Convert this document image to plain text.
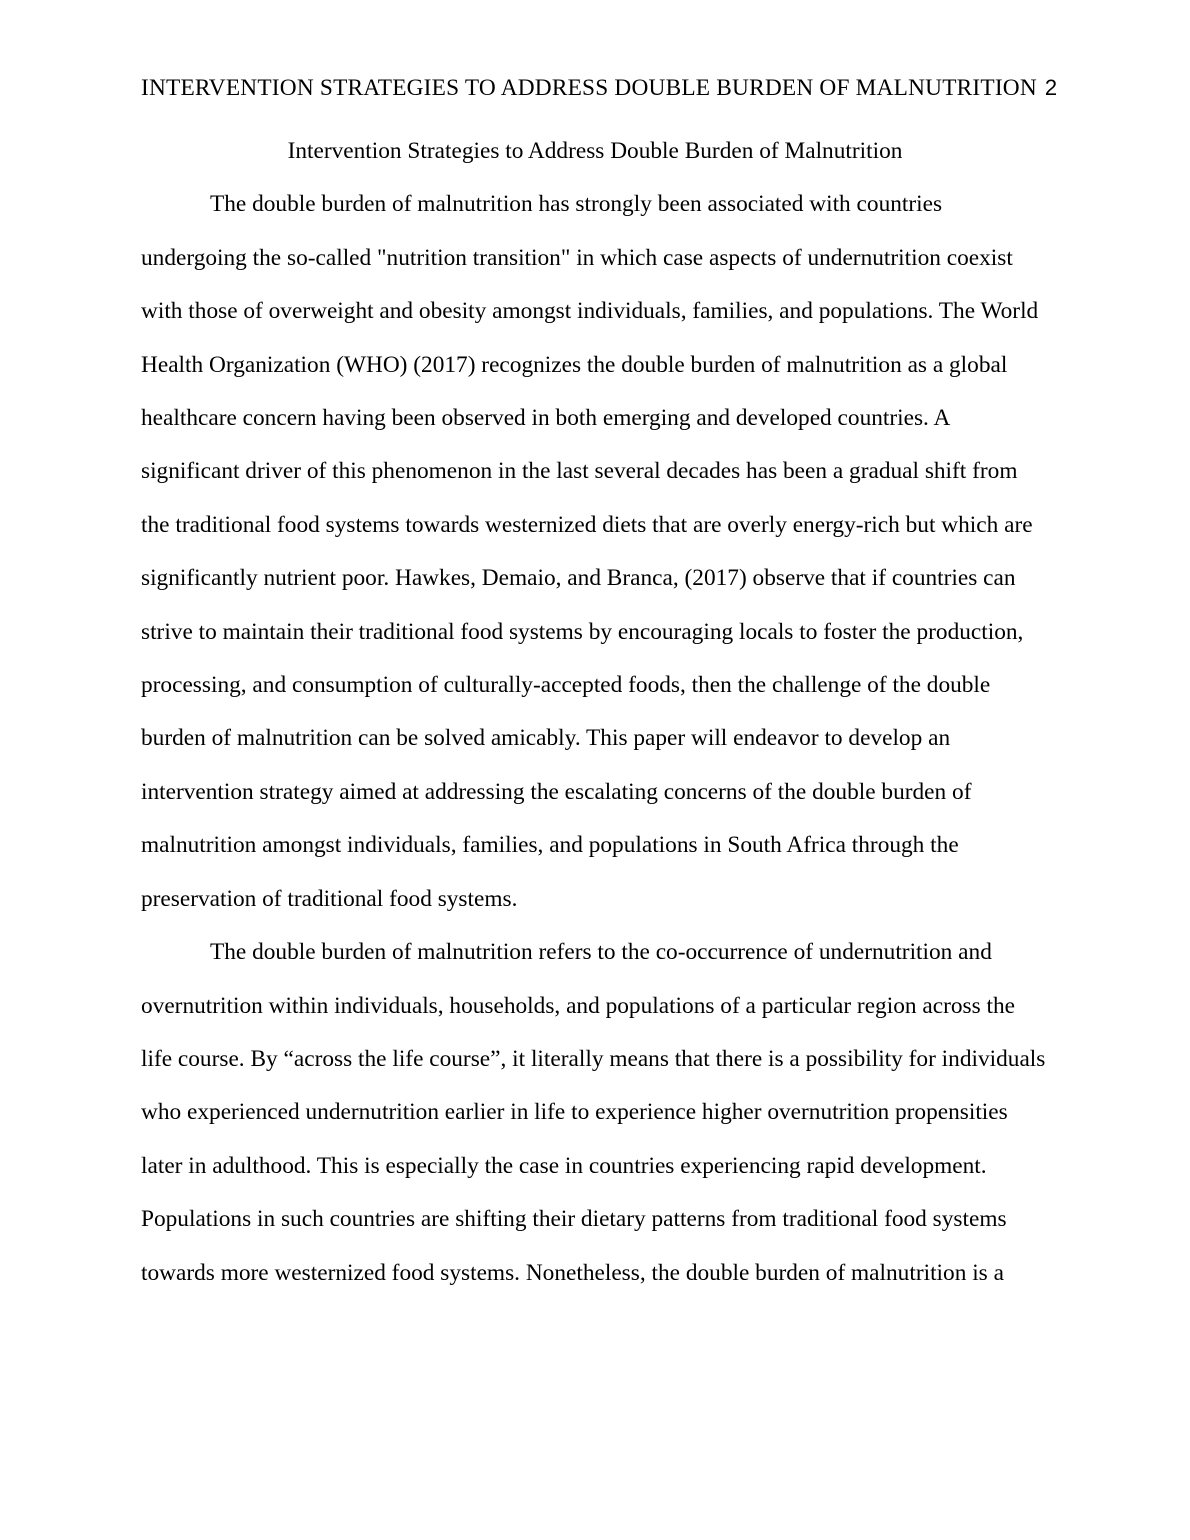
INTERVENTION STRATEGIES TO ADDRESS DOUBLE BURDEN OF MALNUTRITION 2
Intervention Strategies to Address Double Burden of Malnutrition
The double burden of malnutrition has strongly been associated with countries
undergoing the so-called "nutrition transition" in which case aspects of undernutrition coexist
with those of overweight and obesity amongst individuals, families, and populations. The World
Health Organization (WHO) (2017) recognizes the double burden of malnutrition as a global
healthcare concern having been observed in both emerging and developed countries. A
significant driver of this phenomenon in the last several decades has been a gradual shift from
the traditional food systems towards westernized diets that are overly energy-rich but which are
significantly nutrient poor. Hawkes, Demaio, and Branca, (2017) observe that if countries can
strive to maintain their traditional food systems by encouraging locals to foster the production,
processing, and consumption of culturally-accepted foods, then the challenge of the double
burden of malnutrition can be solved amicably. This paper will endeavor to develop an
intervention strategy aimed at addressing the escalating concerns of the double burden of
malnutrition amongst individuals, families, and populations in South Africa through the
preservation of traditional food systems.
The double burden of malnutrition refers to the co-occurrence of undernutrition and
overnutrition within individuals, households, and populations of a particular region across the
life course. By “across the life course”, it literally means that there is a possibility for individuals
who experienced undernutrition earlier in life to experience higher overnutrition propensities
later in adulthood. This is especially the case in countries experiencing rapid development.
Populations in such countries are shifting their dietary patterns from traditional food systems
towards more westernized food systems. Nonetheless, the double burden of malnutrition is a
